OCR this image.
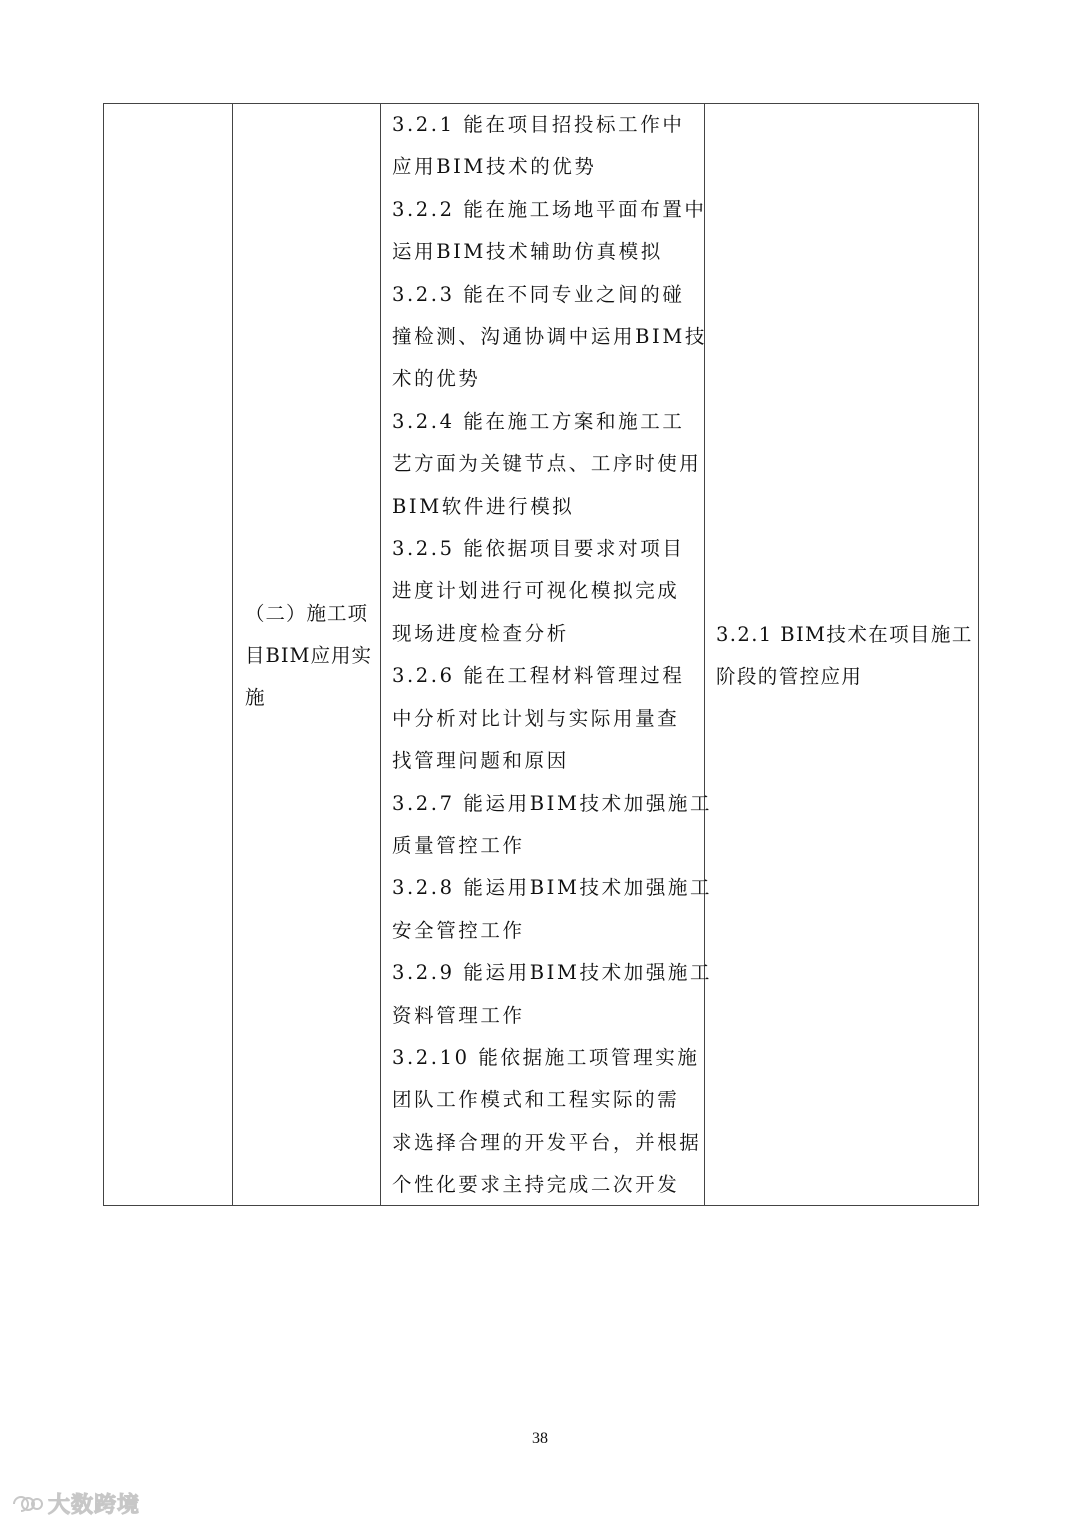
（二）施工项
目BIM应用实
施
3.2.1 能在项目招投标工作中
应用BIM技术的优势
3.2.2 能在施工场地平面布置中
运用BIM技术辅助仿真模拟
3.2.3 能在不同专业之间的碰
撞检测、沟通协调中运用BIM技
术的优势
3.2.4 能在施工方案和施工工
艺方面为关键节点、工序时使用
BIM软件进行模拟
3.2.5 能依据项目要求对项目
进度计划进行可视化模拟完成
现场进度检查分析
3.2.6 能在工程材料管理过程
中分析对比计划与实际用量查
找管理问题和原因
3.2.7 能运用BIM技术加强施工
质量管控工作
3.2.8 能运用BIM技术加强施工
安全管控工作
3.2.9 能运用BIM技术加强施工
资料管理工作
3.2.10 能依据施工项管理实施
团队工作模式和工程实际的需
求选择合理的开发平台，并根据
个性化要求主持完成二次开发
3.2.1 BIM技术在项目施工
阶段的管控应用
38
大数跨境
